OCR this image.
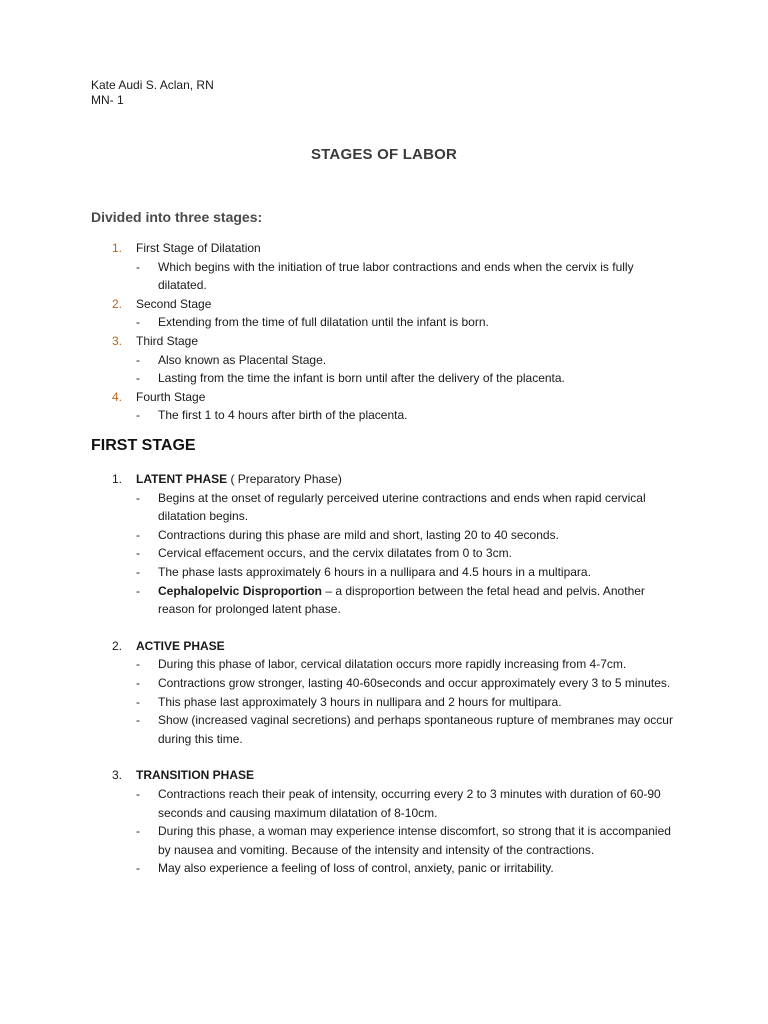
Kate Audi S. Aclan, RN
MN- 1
STAGES OF LABOR
Divided into three stages:
1.	First Stage of Dilatation
- Which begins with the initiation of true labor contractions and ends when the cervix is fully dilatated.
2.	Second Stage
- Extending from the time of full dilatation until the infant is born.
3.	Third Stage
- Also known as Placental Stage.
- Lasting from the time the infant is born until after the delivery of the placenta.
4.	Fourth Stage
- The first 1 to 4 hours after birth of the placenta.
FIRST STAGE
1.	LATENT PHASE ( Preparatory Phase)
- Begins at the onset of regularly perceived uterine contractions and ends when rapid cervical dilatation begins.
- Contractions during this phase are mild and short, lasting 20 to 40 seconds.
- Cervical effacement occurs, and the cervix dilatates from 0 to 3cm.
- The phase lasts approximately 6 hours in a nullipara and 4.5 hours in a multipara.
- Cephalopelvic Disproportion – a disproportion between the fetal head and pelvis. Another reason for prolonged latent phase.
2.	ACTIVE PHASE
- During this phase of labor, cervical dilatation occurs more rapidly increasing from 4-7cm.
- Contractions grow stronger, lasting 40-60seconds and occur approximately every 3 to 5 minutes.
- This phase last approximately 3 hours in nullipara and 2 hours for multipara.
- Show (increased vaginal secretions) and perhaps spontaneous rupture of membranes may occur during this time.
3.	TRANSITION PHASE
- Contractions reach their peak of intensity, occurring every 2 to 3 minutes with duration of 60-90 seconds and causing maximum dilatation of 8-10cm.
- During this phase, a woman may experience intense discomfort, so strong that it is accompanied by nausea and vomiting. Because of the intensity and intensity of the contractions.
- May also experience a feeling of loss of control, anxiety, panic or irritability.
